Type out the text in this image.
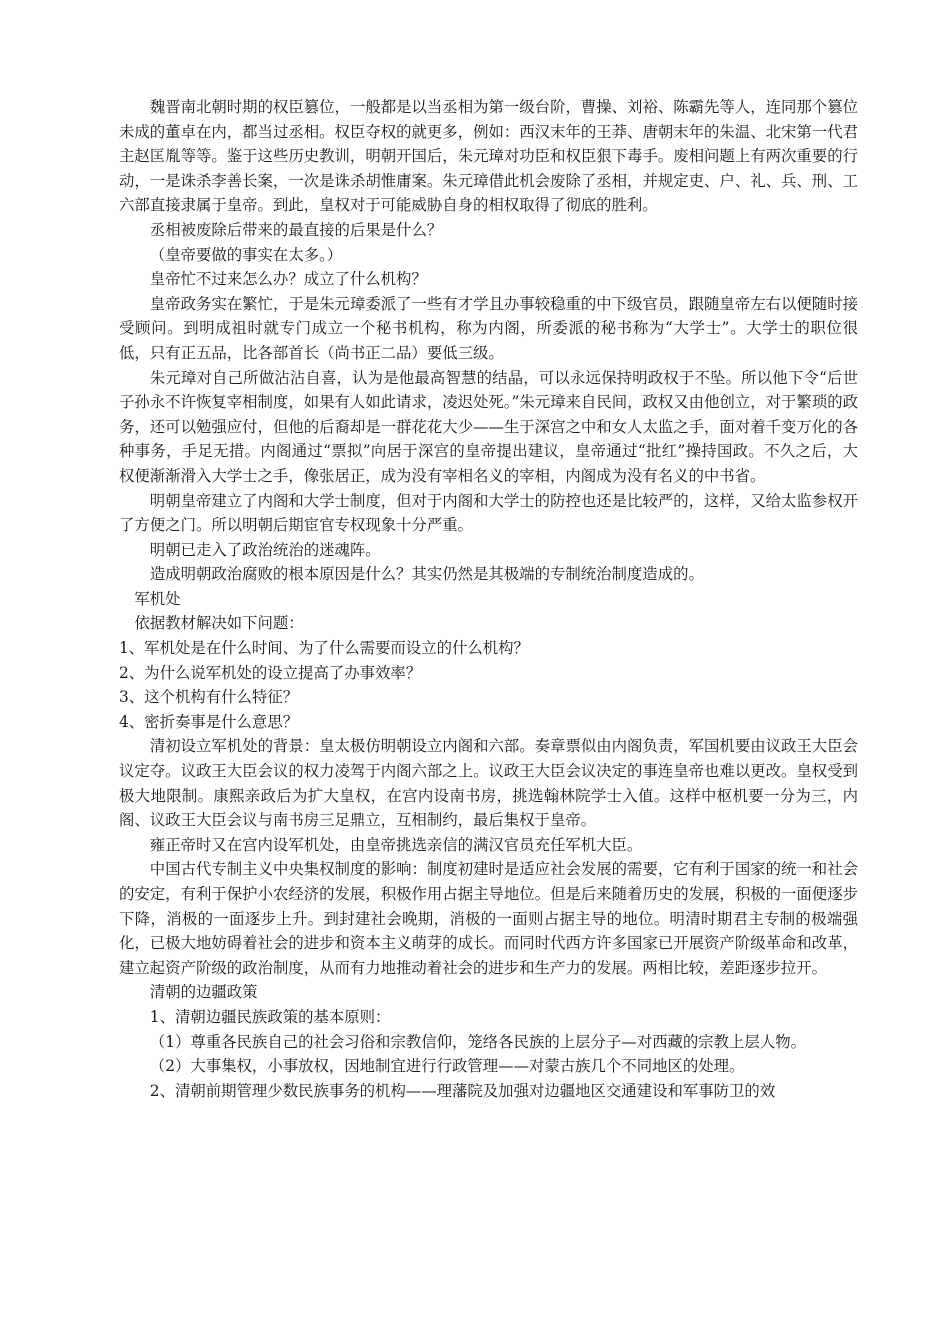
魏晋南北朝时期的权臣篡位，一般都是以当丞相为第一级台阶，曹操、刘裕、陈霸先等人，连同那个篡位未成的董卓在内，都当过丞相。权臣夺权的就更多，例如：西汉末年的王莽、唐朝末年的朱温、北宋第一代君主赵匡胤等等。鉴于这些历史教训，明朝开国后，朱元璋对功臣和权臣狠下毒手。废相问题上有两次重要的行动，一是诛杀李善长案，一次是诛杀胡惟庸案。朱元璋借此机会废除了丞相，并规定吏、户、礼、兵、刑、工六部直接隶属于皇帝。到此，皇权对于可能威胁自身的相权取得了彻底的胜利。

丞相被废除后带来的最直接的后果是什么？

（皇帝要做的事实在太多。）

皇帝忙不过来怎么办？成立了什么机构？

皇帝政务实在繁忙，于是朱元璋委派了一些有才学且办事较稳重的中下级官员，跟随皇帝左右以便随时接受顾问。到明成祖时就专门成立一个秘书机构，称为内阁，所委派的秘书称为“大学士”。大学士的职位很低，只有正五品，比各部首长（尚书正二品）要低三级。

朱元璋对自己所做沾沾自喜，认为是他最高智慧的结晶，可以永远保持明政权于不坠。所以他下令“后世子孙永不许恢复宰相制度，如果有人如此请求，凌迟处死。”朱元璋来自民间，政权又由他创立，对于繁琐的政务，还可以勉强应付，但他的后裔却是一群花花大少——生于深宫之中和女人太监之手，面对着千变万化的各种事务，手足无措。内阁通过“票拟”向居于深宫的皇帝提出建议，皇帝通过“批红”操持国政。不久之后，大权便渐渐滑入大学士之手，像张居正，成为没有宰相名义的宰相，内阁成为没有名义的中书省。

明朝皇帝建立了内阁和大学士制度，但对于内阁和大学士的防控也还是比较严的，这样，又给太监参权开了方便之门。所以明朝后期宦官专权现象十分严重。

明朝已走入了政治统治的迷魂阵。

造成明朝政治腐败的根本原因是什么？其实仍然是其极端的专制统治制度造成的。

军机处

依据教材解决如下问题：

1、军机处是在什么时间、为了什么需要而设立的什么机构？

2、为什么说军机处的设立提高了办事效率？

3、这个机构有什么特征？

4、密折奏事是什么意思？

清初设立军机处的背景：皇太极仿明朝设立内阁和六部。奏章票似由内阁负责，军国机要由议政王大臣会议定夺。议政王大臣会议的权力凌驾于内阁六部之上。议政王大臣会议决定的事连皇帝也难以更改。皇权受到极大地限制。康熙亲政后为扩大皇权，在宫内设南书房，挑选翰林院学士入值。这样中枢机要一分为三，内阁、议政王大臣会议与南书房三足鼎立，互相制约，最后集权于皇帝。

雍正帝时又在宫内设军机处，由皇帝挑选亲信的满汉官员充任军机大臣。

中国古代专制主义中央集权制度的影响：制度初建时是适应社会发展的需要，它有利于国家的统一和社会的安定，有利于保护小农经济的发展，积极作用占据主导地位。但是后来随着历史的发展，积极的一面便逐步下降，消极的一面逐步上升。到封建社会晚期，消极的一面则占据主导的地位。明清时期君主专制的极端强化，已极大地妨碍着社会的进步和资本主义萌芽的成长。而同时代西方许多国家已开展资产阶级革命和改革，建立起资产阶级的政治制度，从而有力地推动着社会的进步和生产力的发展。两相比较，差距逐步拉开。

清朝的边疆政策

1、清朝边疆民族政策的基本原则：

（1）尊重各民族自己的社会习俗和宗教信仰，笼络各民族的上层分子—对西藏的宗教上层人物。

（2）大事集权，小事放权，因地制宜进行行政管理——对蒙古族几个不同地区的处理。

2、清朝前期管理少数民族事务的机构——理藩院及加强对边疆地区交通建设和军事防卫的效
